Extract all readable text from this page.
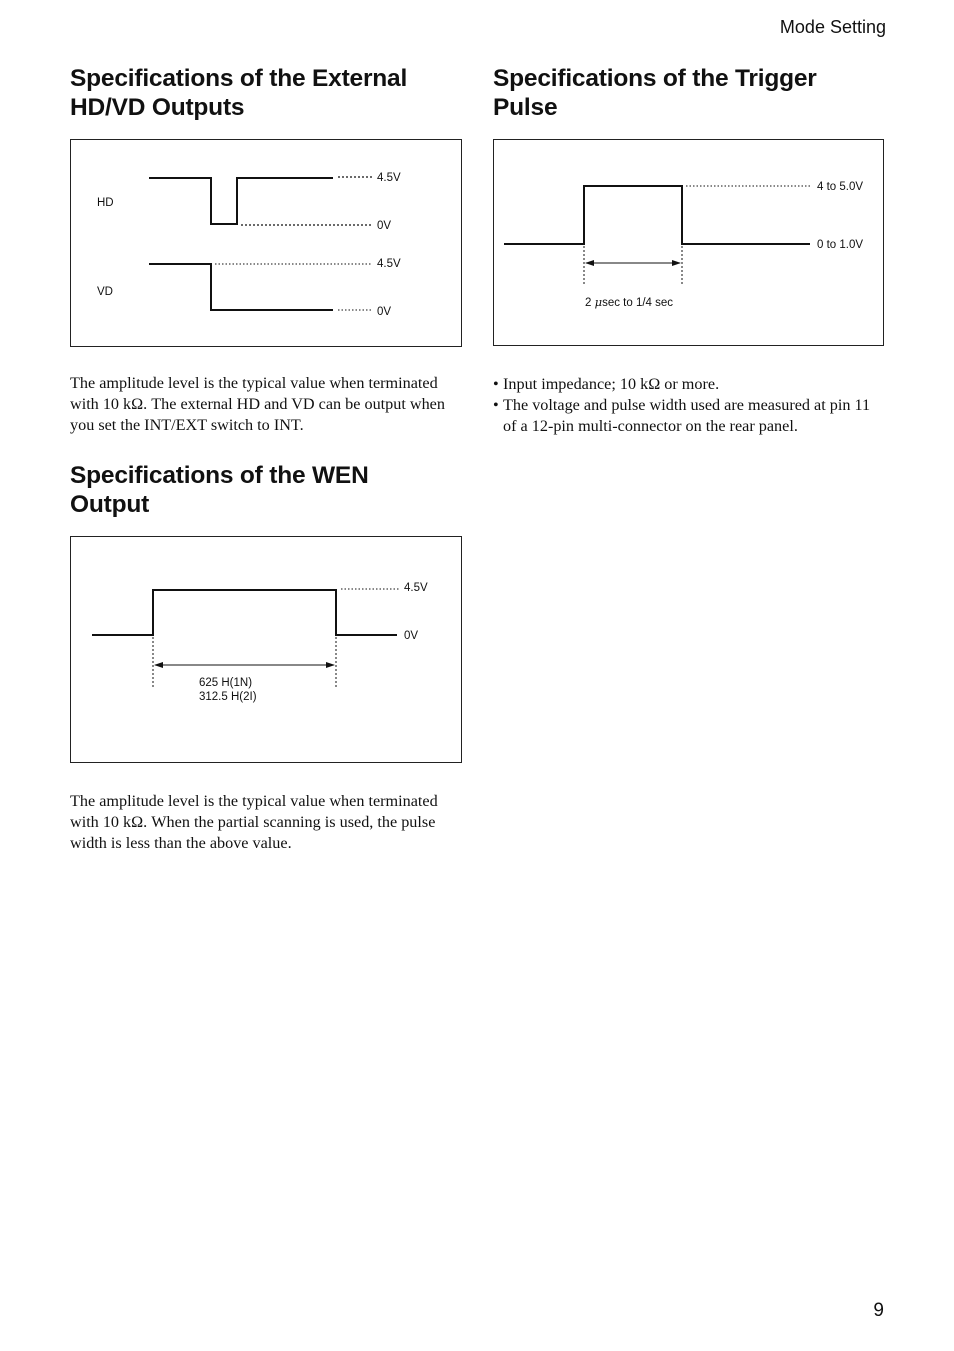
Mode Setting
Specifications of the External
HD/VD Outputs
HD
4.5V
0V
VD
4.5V
0V

The amplitude level is the typical value when terminated with 10 kΩ. The external HD and VD can be output when you set the INT/EXT switch to INT.

Specifications of the WEN
Output
4.5V
0V
625 H(1N)
312.5 H(2I)

The amplitude level is the typical value when terminated with 10 kΩ. When the partial scanning is used, the pulse width is less than the above value.

Specifications of the Trigger
Pulse
4 to 5.0V
0 to 1.0V
2 μsec to 1/4 sec
• Input impedance; 10 kΩ or more.
• The voltage and pulse width used are measured at pin 11 of a 12-pin multi-connector on the rear panel.
9
